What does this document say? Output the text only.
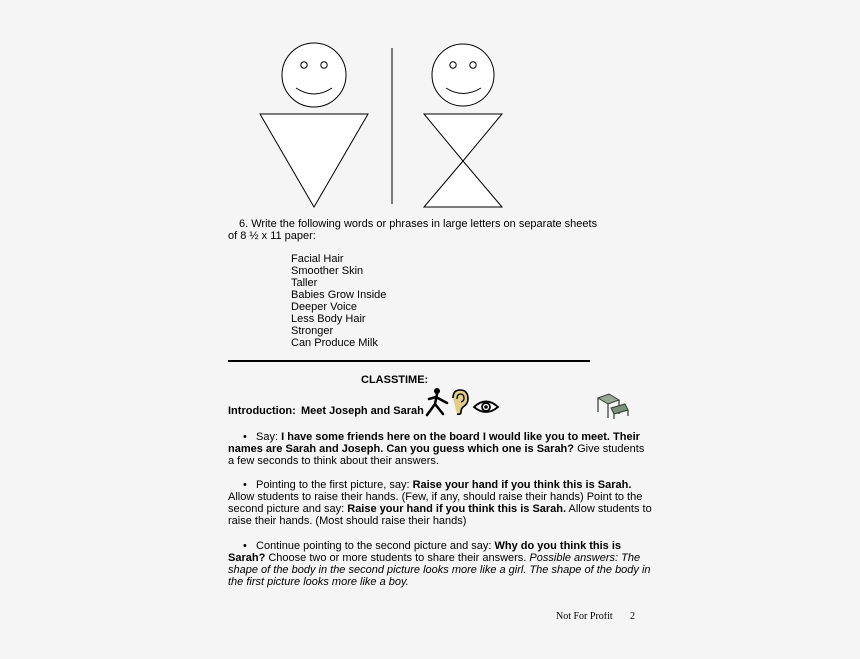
6. Write the following words or phrases in large letters on separate sheets
of 8 ½ x 11 paper:
Facial Hair
Smoother Skin
Taller
Babies Grow Inside
Deeper Voice
Less Body Hair
Stronger
Can Produce Milk
CLASSTIME:
Introduction: Meet Joseph and Sarah
• Say: I have some friends here on the board I would like you to meet. Their
names are Sarah and Joseph. Can you guess which one is Sarah? Give students
a few seconds to think about their answers.
• Pointing to the first picture, say: Raise your hand if you think this is Sarah.
Allow students to raise their hands. (Few, if any, should raise their hands) Point to the
second picture and say: Raise your hand if you think this is Sarah. Allow students to
raise their hands. (Most should raise their hands)
• Continue pointing to the second picture and say: Why do you think this is
Sarah? Choose two or more students to share their answers. Possible answers: The
shape of the body in the second picture looks more like a girl. The shape of the body in
the first picture looks more like a boy.
Not For Profit 2
